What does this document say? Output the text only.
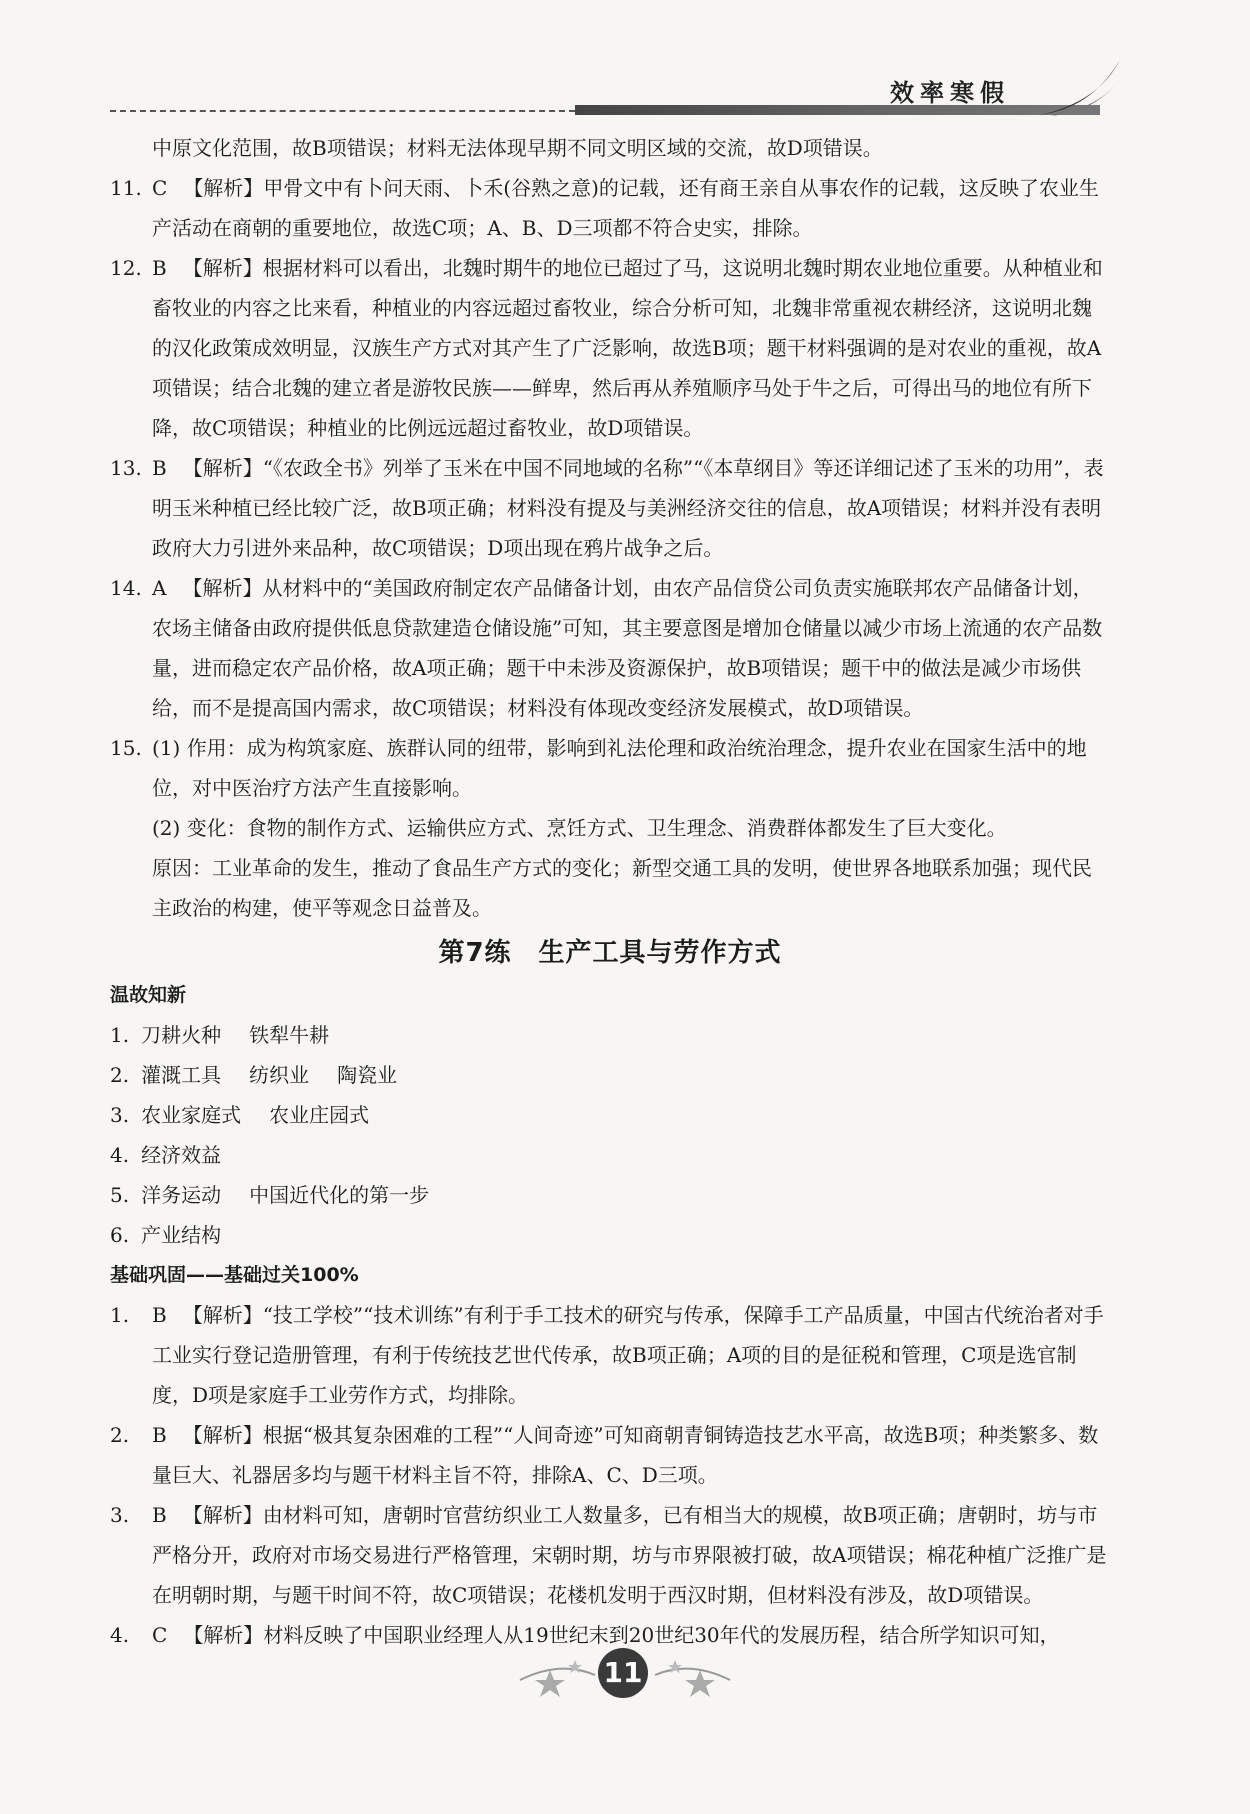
效率寒假

中原文化范围，故B项错误；材料无法体现早期不同文明区域的交流，故D项错误。

11. C 【解析】甲骨文中有卜问天雨、卜禾(谷熟之意)的记载，还有商王亲自从事农作的记载，这反映了农业生产活动在商朝的重要地位，故选C项；A、B、D三项都不符合史实，排除。

12. B 【解析】根据材料可以看出，北魏时期牛的地位已超过了马，这说明北魏时期农业地位重要。从种植业和畜牧业的内容之比来看，种植业的内容远超过畜牧业，综合分析可知，北魏非常重视农耕经济，这说明北魏的汉化政策成效明显，汉族生产方式对其产生了广泛影响，故选B项；题干材料强调的是对农业的重视，故A项错误；结合北魏的建立者是游牧民族——鲜卑，然后再从养殖顺序马处于牛之后，可得出马的地位有所下降，故C项错误；种植业的比例远远超过畜牧业，故D项错误。

13. B 【解析】“《农政全书》列举了玉米在中国不同地域的名称”“《本草纲目》等还详细记述了玉米的功用”，表明玉米种植已经比较广泛，故B项正确；材料没有提及与美洲经济交往的信息，故A项错误；材料并没有表明政府大力引进外来品种，故C项错误；D项出现在鸦片战争之后。

14. A 【解析】从材料中的“美国政府制定农产品储备计划，由农产品信贷公司负责实施联邦农产品储备计划，农场主储备由政府提供低息贷款建造仓储设施”可知，其主要意图是增加仓储量以减少市场上流通的农产品数量，进而稳定农产品价格，故A项正确；题干中未涉及资源保护，故B项错误；题干中的做法是减少市场供给，而不是提高国内需求，故C项错误；材料没有体现改变经济发展模式，故D项错误。

15. (1) 作用：成为构筑家庭、族群认同的纽带，影响到礼法伦理和政治统治理念，提升农业在国家生活中的地位，对中医治疗方法产生直接影响。

(2) 变化：食物的制作方式、运输供应方式、烹饪方式、卫生理念、消费群体都发生了巨大变化。

原因：工业革命的发生，推动了食品生产方式的变化；新型交通工具的发明，使世界各地联系加强；现代民主政治的构建，使平等观念日益普及。

第7练　生产工具与劳作方式

温故知新

1. 刀耕火种 铁犁牛耕

2. 灌溉工具 纺织业 陶瓷业

3. 农业家庭式 农业庄园式

4. 经济效益

5. 洋务运动 中国近代化的第一步

6. 产业结构

基础巩固——基础过关100%

1. B 【解析】“技工学校”“技术训练”有利于手工技术的研究与传承，保障手工产品质量，中国古代统治者对手工业实行登记造册管理，有利于传统技艺世代传承，故B项正确；A项的目的是征税和管理，C项是选官制度，D项是家庭手工业劳作方式，均排除。

2. B 【解析】根据“极其复杂困难的工程”“人间奇迹”可知商朝青铜铸造技艺水平高，故选B项；种类繁多、数量巨大、礼器居多均与题干材料主旨不符，排除A、C、D三项。

3. B 【解析】由材料可知，唐朝时官营纺织业工人数量多，已有相当大的规模，故B项正确；唐朝时，坊与市严格分开，政府对市场交易进行严格管理，宋朝时期，坊与市界限被打破，故A项错误；棉花种植广泛推广是在明朝时期，与题干时间不符，故C项错误；花楼机发明于西汉时期，但材料没有涉及，故D项错误。

4. C 【解析】材料反映了中国职业经理人从19世纪末到20世纪30年代的发展历程，结合所学知识可知，

11
